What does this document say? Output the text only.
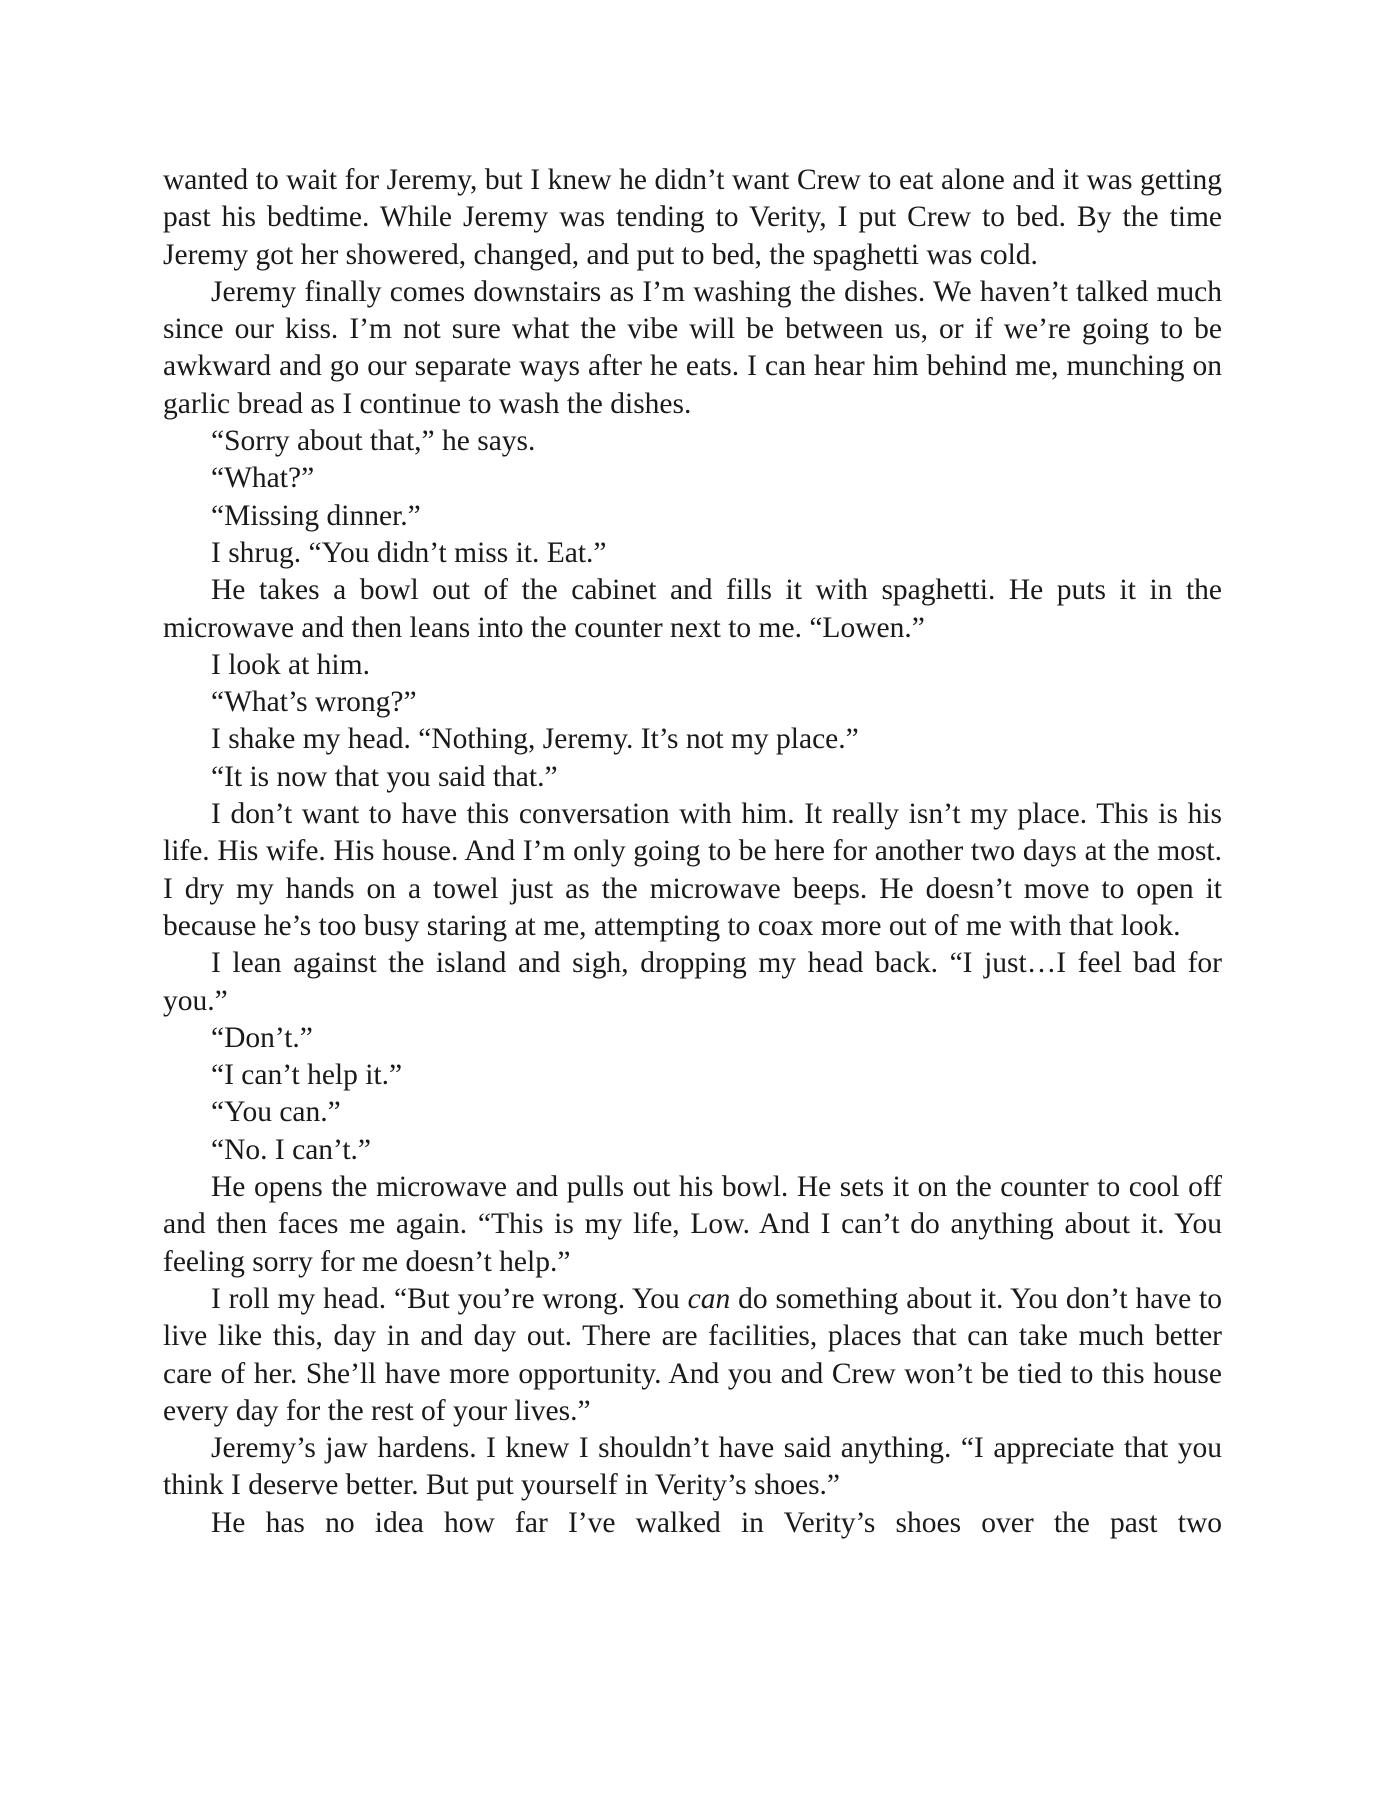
wanted to wait for Jeremy, but I knew he didn’t want Crew to eat alone and it was getting past his bedtime. While Jeremy was tending to Verity, I put Crew to bed. By the time Jeremy got her showered, changed, and put to bed, the spaghetti was cold.

Jeremy finally comes downstairs as I’m washing the dishes. We haven’t talked much since our kiss. I’m not sure what the vibe will be between us, or if we’re going to be awkward and go our separate ways after he eats. I can hear him behind me, munching on garlic bread as I continue to wash the dishes.

“Sorry about that,” he says.

“What?”

“Missing dinner.”

I shrug. “You didn’t miss it. Eat.”

He takes a bowl out of the cabinet and fills it with spaghetti. He puts it in the microwave and then leans into the counter next to me. “Lowen.”

I look at him.

“What’s wrong?”

I shake my head. “Nothing, Jeremy. It’s not my place.”

“It is now that you said that.”

I don’t want to have this conversation with him. It really isn’t my place. This is his life. His wife. His house. And I’m only going to be here for another two days at the most. I dry my hands on a towel just as the microwave beeps. He doesn’t move to open it because he’s too busy staring at me, attempting to coax more out of me with that look.

I lean against the island and sigh, dropping my head back. “I just…I feel bad for you.”

“Don’t.”

“I can’t help it.”

“You can.”

“No. I can’t.”

He opens the microwave and pulls out his bowl. He sets it on the counter to cool off and then faces me again. “This is my life, Low. And I can’t do anything about it. You feeling sorry for me doesn’t help.”

I roll my head. “But you’re wrong. You can do something about it. You don’t have to live like this, day in and day out. There are facilities, places that can take much better care of her. She’ll have more opportunity. And you and Crew won’t be tied to this house every day for the rest of your lives.”

Jeremy’s jaw hardens. I knew I shouldn’t have said anything. “I appreciate that you think I deserve better. But put yourself in Verity’s shoes.”

He has no idea how far I’ve walked in Verity’s shoes over the past two
